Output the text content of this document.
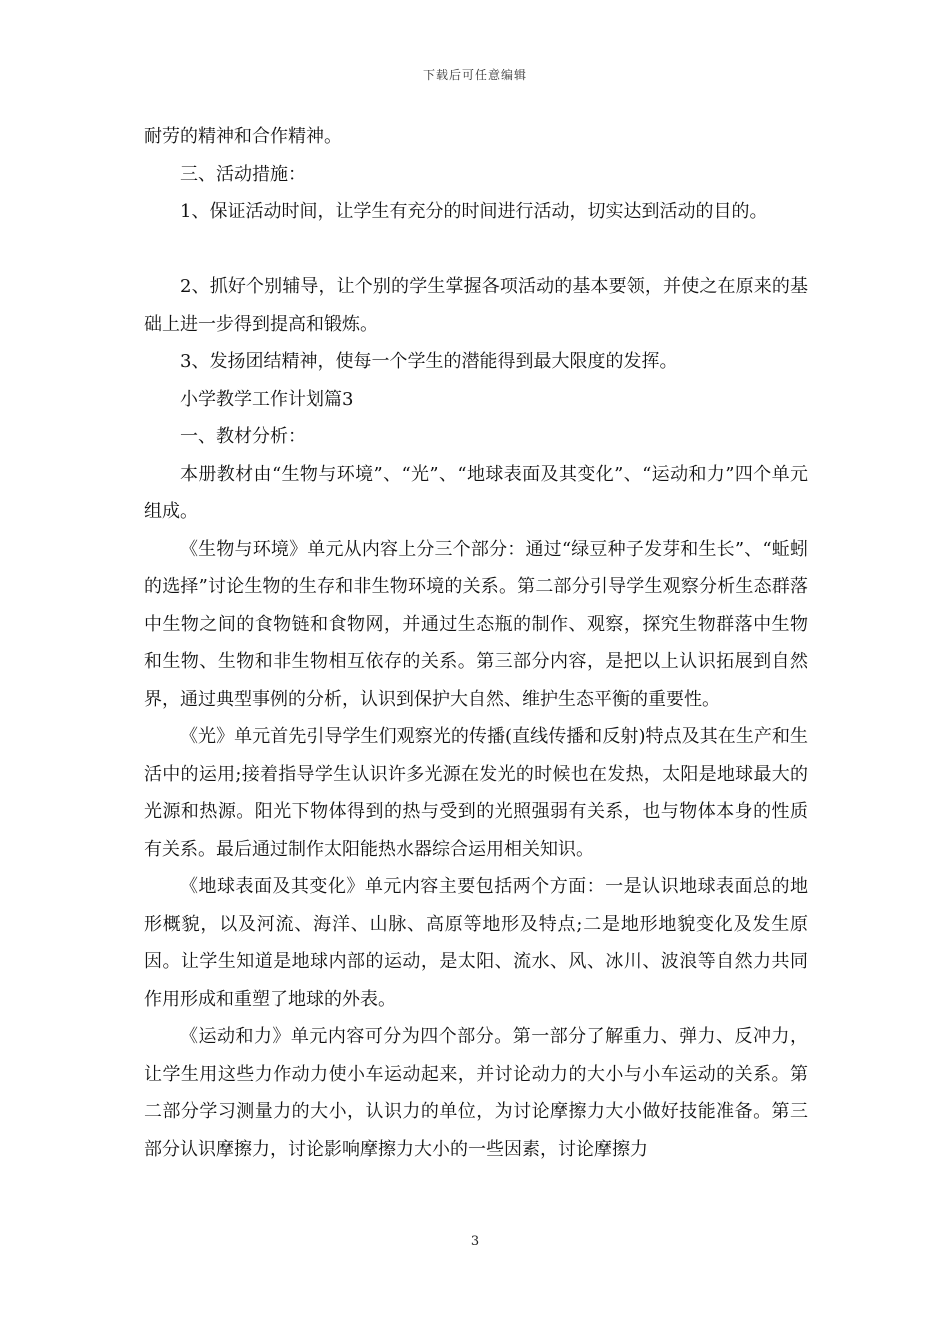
下载后可任意编辑

耐劳的精神和合作精神。

三、活动措施：

1、保证活动时间，让学生有充分的时间进行活动，切实达到活动的目的。

2、抓好个别辅导，让个别的学生掌握各项活动的基本要领，并使之在原来的基础上进一步得到提高和锻炼。

3、发扬团结精神，使每一个学生的潜能得到最大限度的发挥。

小学教学工作计划篇3

一、教材分析：

本册教材由“生物与环境”、“光”、“地球表面及其变化”、“运动和力”四个单元组成。

《生物与环境》单元从内容上分三个部分：通过“绿豆种子发芽和生长”、“蚯蚓的选择”讨论生物的生存和非生物环境的关系。第二部分引导学生观察分析生态群落中生物之间的食物链和食物网，并通过生态瓶的制作、观察，探究生物群落中生物和生物、生物和非生物相互依存的关系。第三部分内容，是把以上认识拓展到自然界，通过典型事例的分析，认识到保护大自然、维护生态平衡的重要性。

《光》单元首先引导学生们观察光的传播(直线传播和反射)特点及其在生产和生活中的运用;接着指导学生认识许多光源在发光的时候也在发热，太阳是地球最大的光源和热源。阳光下物体得到的热与受到的光照强弱有关系，也与物体本身的性质有关系。最后通过制作太阳能热水器综合运用相关知识。

《地球表面及其变化》单元内容主要包括两个方面：一是认识地球表面总的地形概貌，以及河流、海洋、山脉、高原等地形及特点;二是地形地貌变化及发生原因。让学生知道是地球内部的运动，是太阳、流水、风、冰川、波浪等自然力共同作用形成和重塑了地球的外表。

《运动和力》单元内容可分为四个部分。第一部分了解重力、弹力、反冲力，让学生用这些力作动力使小车运动起来，并讨论动力的大小与小车运动的关系。第二部分学习测量力的大小，认识力的单位，为讨论摩擦力大小做好技能准备。第三部分认识摩擦力，讨论影响摩擦力大小的一些因素，讨论摩擦力

3
